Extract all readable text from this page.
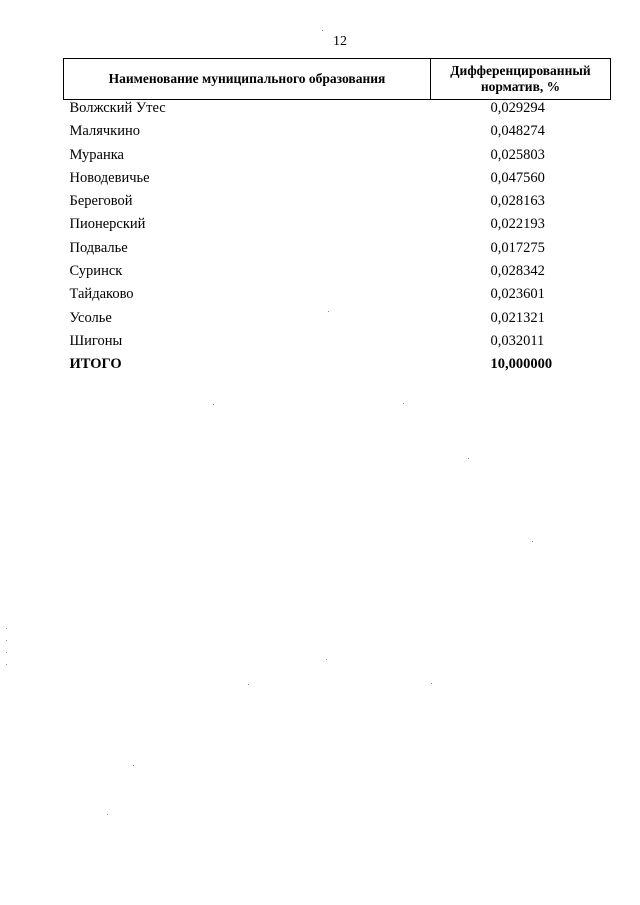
12
Наименование муниципального образования	Дифференцированный норматив, %
Волжский Утес	0,029294
Малячкино	0,048274
Муранка	0,025803
Новодевичье	0,047560
Береговой	0,028163
Пионерский	0,022193
Подвалье	0,017275
Суринск	0,028342
Тайдаково	0,023601
Усолье	0,021321
Шигоны	0,032011
ИТОГО	10,000000
